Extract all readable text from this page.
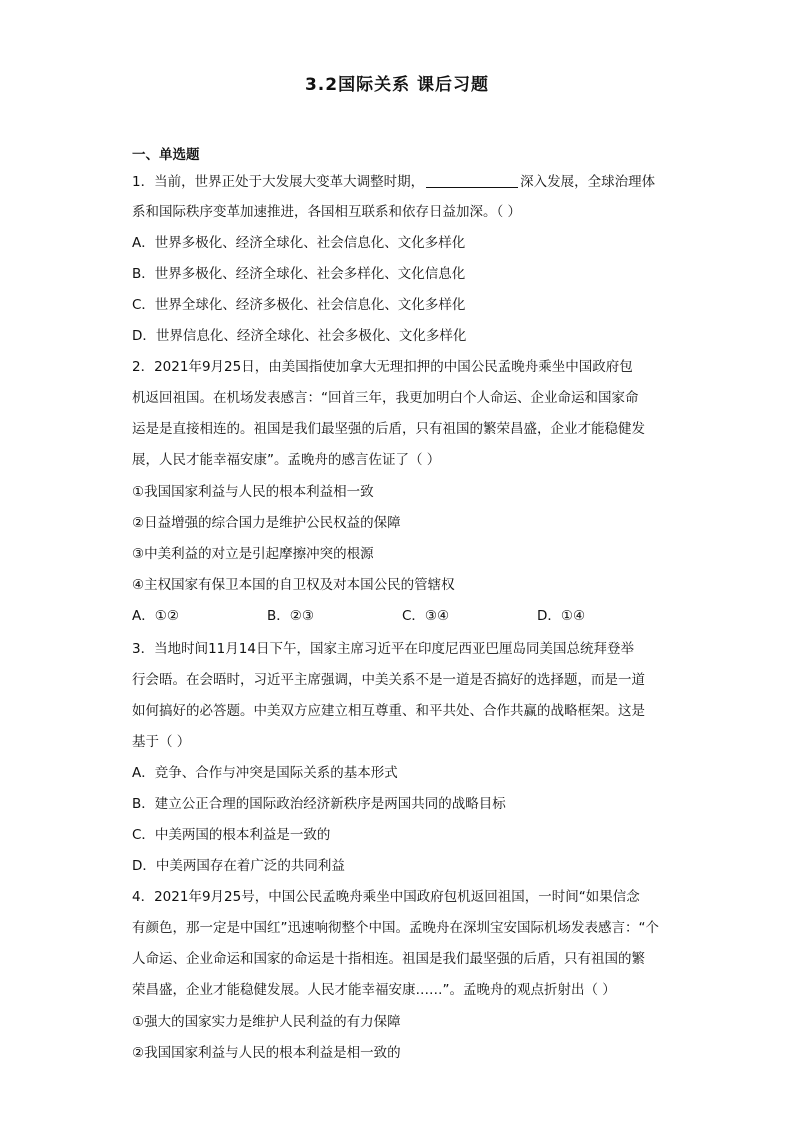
3.2国际关系 课后习题
一、单选题
1．当前，世界正处于大发展大变革大调整时期，	深入发展，全球治理体
系和国际秩序变革加速推进，各国相互联系和依存日益加深。（ ）
A．世界多极化、经济全球化、社会信息化、文化多样化
B．世界多极化、经济全球化、社会多样化、文化信息化
C．世界全球化、经济多极化、社会信息化、文化多样化
D．世界信息化、经济全球化、社会多极化、文化多样化
2．2021年9月25日，由美国指使加拿大无理扣押的中国公民孟晚舟乘坐中国政府包
机返回祖国。在机场发表感言：“回首三年，我更加明白个人命运、企业命运和国家命
运是是直接相连的。祖国是我们最坚强的后盾，只有祖国的繁荣昌盛，企业才能稳健发
展，人民才能幸福安康”。孟晚舟的感言佐证了（ ）
①我国国家利益与人民的根本利益相一致
②日益增强的综合国力是维护公民权益的保障
③中美利益的对立是引起摩擦冲突的根源
④主权国家有保卫本国的自卫权及对本国公民的管辖权
A．①②	B．②③	C．③④	D．①④
3．当地时间11月14日下午，国家主席习近平在印度尼西亚巴厘岛同美国总统拜登举
行会晤。在会晤时，习近平主席强调，中美关系不是一道是否搞好的选择题，而是一道
如何搞好的必答题。中美双方应建立相互尊重、和平共处、合作共赢的战略框架。这是
基于（ ）
A．竞争、合作与冲突是国际关系的基本形式
B．建立公正合理的国际政治经济新秩序是两国共同的战略目标
C．中美两国的根本利益是一致的
D．中美两国存在着广泛的共同利益
4．2021年9月25号，中国公民孟晚舟乘坐中国政府包机返回祖国，一时间“如果信念
有颜色，那一定是中国红”迅速响彻整个中国。孟晚舟在深圳宝安国际机场发表感言：“个
人命运、企业命运和国家的命运是十指相连。祖国是我们最坚强的后盾，只有祖国的繁
荣昌盛，企业才能稳健发展。人民才能幸福安康……”。孟晚舟的观点折射出（ ）
①强大的国家实力是维护人民利益的有力保障
②我国国家利益与人民的根本利益是相一致的
